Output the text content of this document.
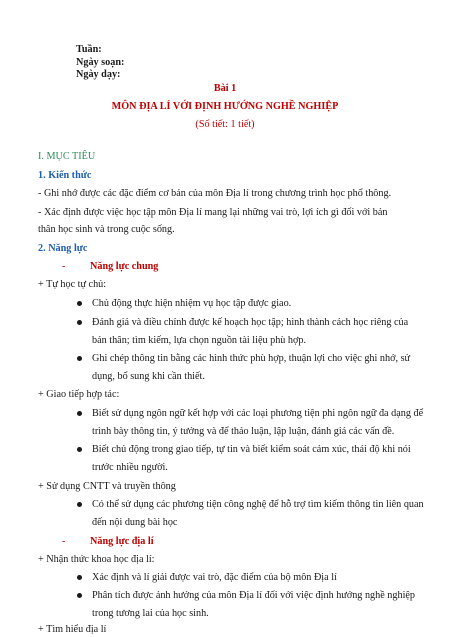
Tuần:
Ngày soạn:
Ngày dạy:
Bài 1
MÔN ĐỊA LÍ VỚI ĐỊNH HƯỚNG NGHỀ NGHIỆP
(Số tiết: 1 tiết)
I. MỤC TIÊU
1. Kiến thức
- Ghi nhớ được các đặc điểm cơ bản của môn Địa lí trong chương trình học phổ thông.
- Xác định được việc học tập môn Địa lí mang lại những vai trò, lợi ích gì đối với bản
thân học sinh và trong cuộc sống.
2. Năng lực
- Năng lực chung
+ Tự học tự chủ:
Chủ động thực hiện nhiệm vụ học tập được giao.
Đánh giá và điều chỉnh được kế hoạch học tập; hình thành cách học riêng của
bản thân; tìm kiếm, lựa chọn nguồn tài liệu phù hợp.
Ghi chép thông tin bằng các hình thức phù hợp, thuận lợi cho việc ghi nhớ, sử
dụng, bổ sung khi cần thiết.
+ Giao tiếp hợp tác:
Biết sử dụng ngôn ngữ kết hợp với các loại phương tiện phi ngôn ngữ đa dạng để
trình bày thông tin, ý tưởng và để thảo luận, lập luận, đánh giá các vấn đề.
Biết chủ động trong giao tiếp, tự tin và biết kiểm soát cảm xúc, thái độ khi nói
trước nhiều người.
+ Sử dụng CNTT và truyền thông
Có thể sử dụng các phương tiện công nghệ để hỗ trợ tìm kiếm thông tin liên quan
đến nội dung bài học
- Năng lực địa lí
+ Nhận thức khoa học địa lí:
Xác định và lí giải được vai trò, đặc điểm của bộ môn Địa lí
Phân tích được ảnh hưởng của môn Địa lí đối với việc định hướng nghề nghiệp
trong tương lai của học sinh.
+ Tìm hiểu địa lí
